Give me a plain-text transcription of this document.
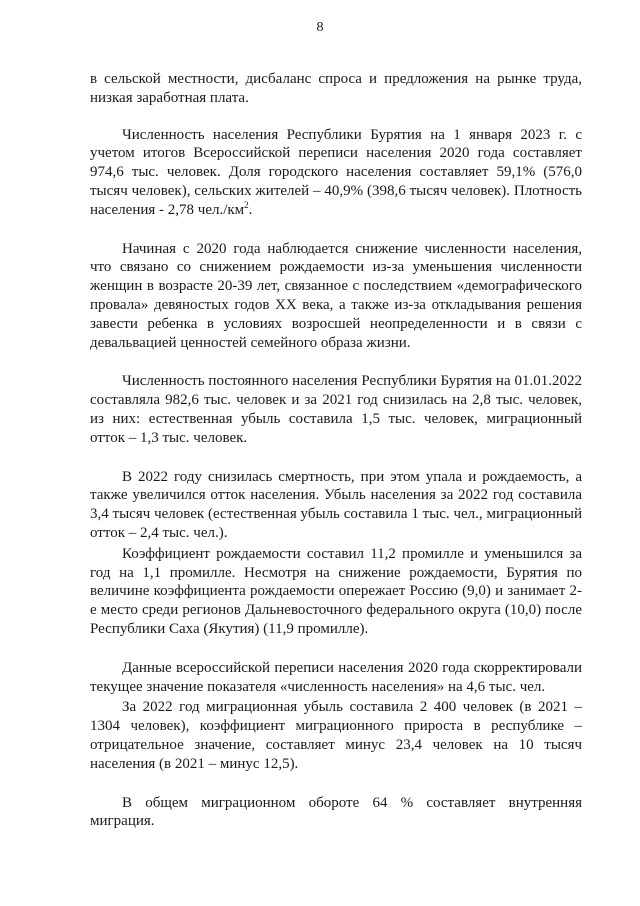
8

в сельской местности, дисбаланс спроса и предложения на рынке труда, низкая заработная плата.

Численность населения Республики Бурятия на 1 января 2023 г. с учетом итогов Всероссийской переписи населения 2020 года составляет 974,6 тыс. человек. Доля городского населения составляет 59,1% (576,0 тысяч человек), сельских жителей – 40,9% (398,6 тысяч человек). Плотность населения - 2,78 $чел./км^2$.

Начиная с 2020 года наблюдается снижение численности населения, что связано со снижением рождаемости из-за уменьшения численности женщин в возрасте 20-39 лет, связанное с последствием «демографического провала» девяностых годов XX века, а также из-за откладывания решения завести ребенка в условиях возросшей неопределенности и в связи с девальвацией ценностей семейного образа жизни.

Численность постоянного населения Республики Бурятия на 01.01.2022 составляла 982,6 тыс. человек и за 2021 год снизилась на 2,8 тыс. человек, из них: естественная убыль составила 1,5 тыс. человек, миграционный отток – 1,3 тыс. человек.

В 2022 году снизилась смертность, при этом упала и рождаемость, а также увеличился отток населения. Убыль населения за 2022 год составила 3,4 тысяч человек (естественная убыль составила 1 тыс. чел., миграционный отток – 2,4 тыс. чел.).

Коэффициент рождаемости составил 11,2 промилле и уменьшился за год на 1,1 промилле. Несмотря на снижение рождаемости, Бурятия по величине коэффициента рождаемости опережает Россию (9,0) и занимает 2-е место среди регионов Дальневосточного федерального округа (10,0) после Республики Саха (Якутия) (11,9 промилле).

Данные всероссийской переписи населения 2020 года скорректировали текущее значение показателя «численность населения» на 4,6 тыс. чел.

За 2022 год миграционная убыль составила 2 400 человек (в 2021 – 1304 человек), коэффициент миграционного прироста в республике – отрицательное значение, составляет минус 23,4 человек на 10 тысяч населения (в 2021 – минус 12,5).

В общем миграционном обороте 64 % составляет внутренняя миграция.
